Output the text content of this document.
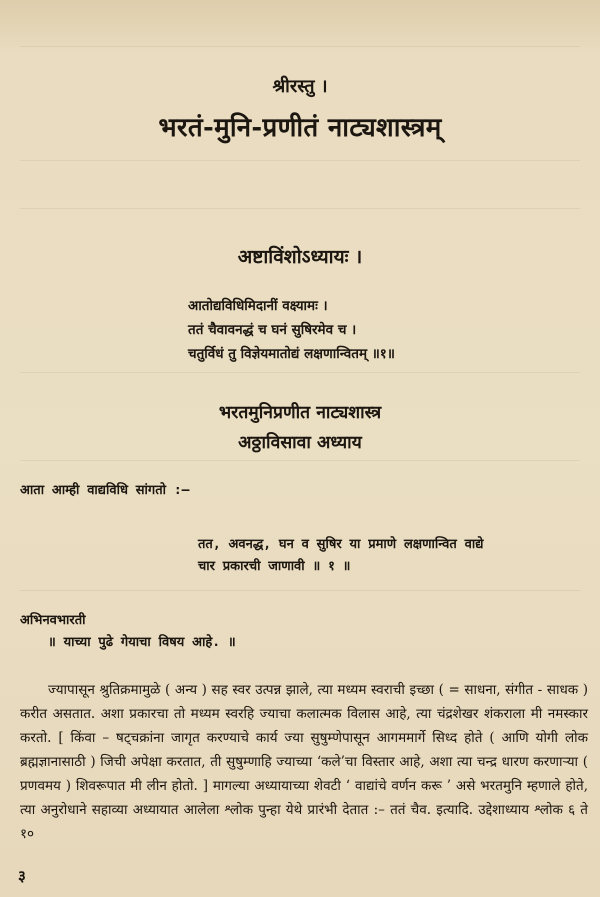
श्रीरस्तु ।
भरतं-मुनि-प्रणीतं नाट्यशास्त्रम्
अष्टाविंशोऽध्यायः ।
आतोद्यविधिमिदानीं वक्ष्यामः ।
ततं चैवावनद्धं च घनं सुषिरमेव च ।
चतुर्विधं तु विज्ञेयमातोद्यं लक्षणान्वितम् ॥१॥
भरतमुनिप्रणीत नाट्यशास्त्र
अठ्ठाविसावा अध्याय
आता आम्ही वाद्यविधि सांगतो :–
तत, अवनद्ध, घन व सुषिर या प्रमाणे लक्षणान्वित वाद्ये
चार प्रकारची जाणावी ॥ १ ॥
अभिनवभारती
॥ याच्या पुढे गेयाचा विषय आहे. ॥
ज्यापासून श्रुतिक्रमामुळे ( अन्य ) सह स्वर उत्पन्न झाले, त्या मध्यम स्वराची इच्छा ( = साधना, संगीत - साधक ) करीत असतात. अशा प्रकारचा तो मध्यम स्वरहि ज्याचा कलात्मक विलास आहे, त्या चंद्रशेखर शंकराला मी नमस्कार करतो. [ किंवा – षट्चक्रांना जागृत करण्याचे कार्य ज्या सुषुम्णेपासून आगममार्गे सिध्द होते ( आणि योगी लोक ब्रह्मज्ञानासाठी ) जिची अपेक्षा करतात, ती सुषुम्णाहि ज्याच्या ‘कले’चा विस्तार आहे, अशा त्या चन्द्र धारण करणाऱ्या ( प्रणवमय ) शिवरूपात मी लीन होतो. ] मागल्या अध्यायाच्या शेवटी ‘ वाद्यांचे वर्णन करू ’ असे भरतमुनि म्हणाले होते, त्या अनुरोधाने सहाव्या अध्यायात आलेला श्लोक पुन्हा येथे प्रारंभी देतात :– ततं चैव. इत्यादि. उद्देशाध्याय श्लोक ६ ते १०
३
